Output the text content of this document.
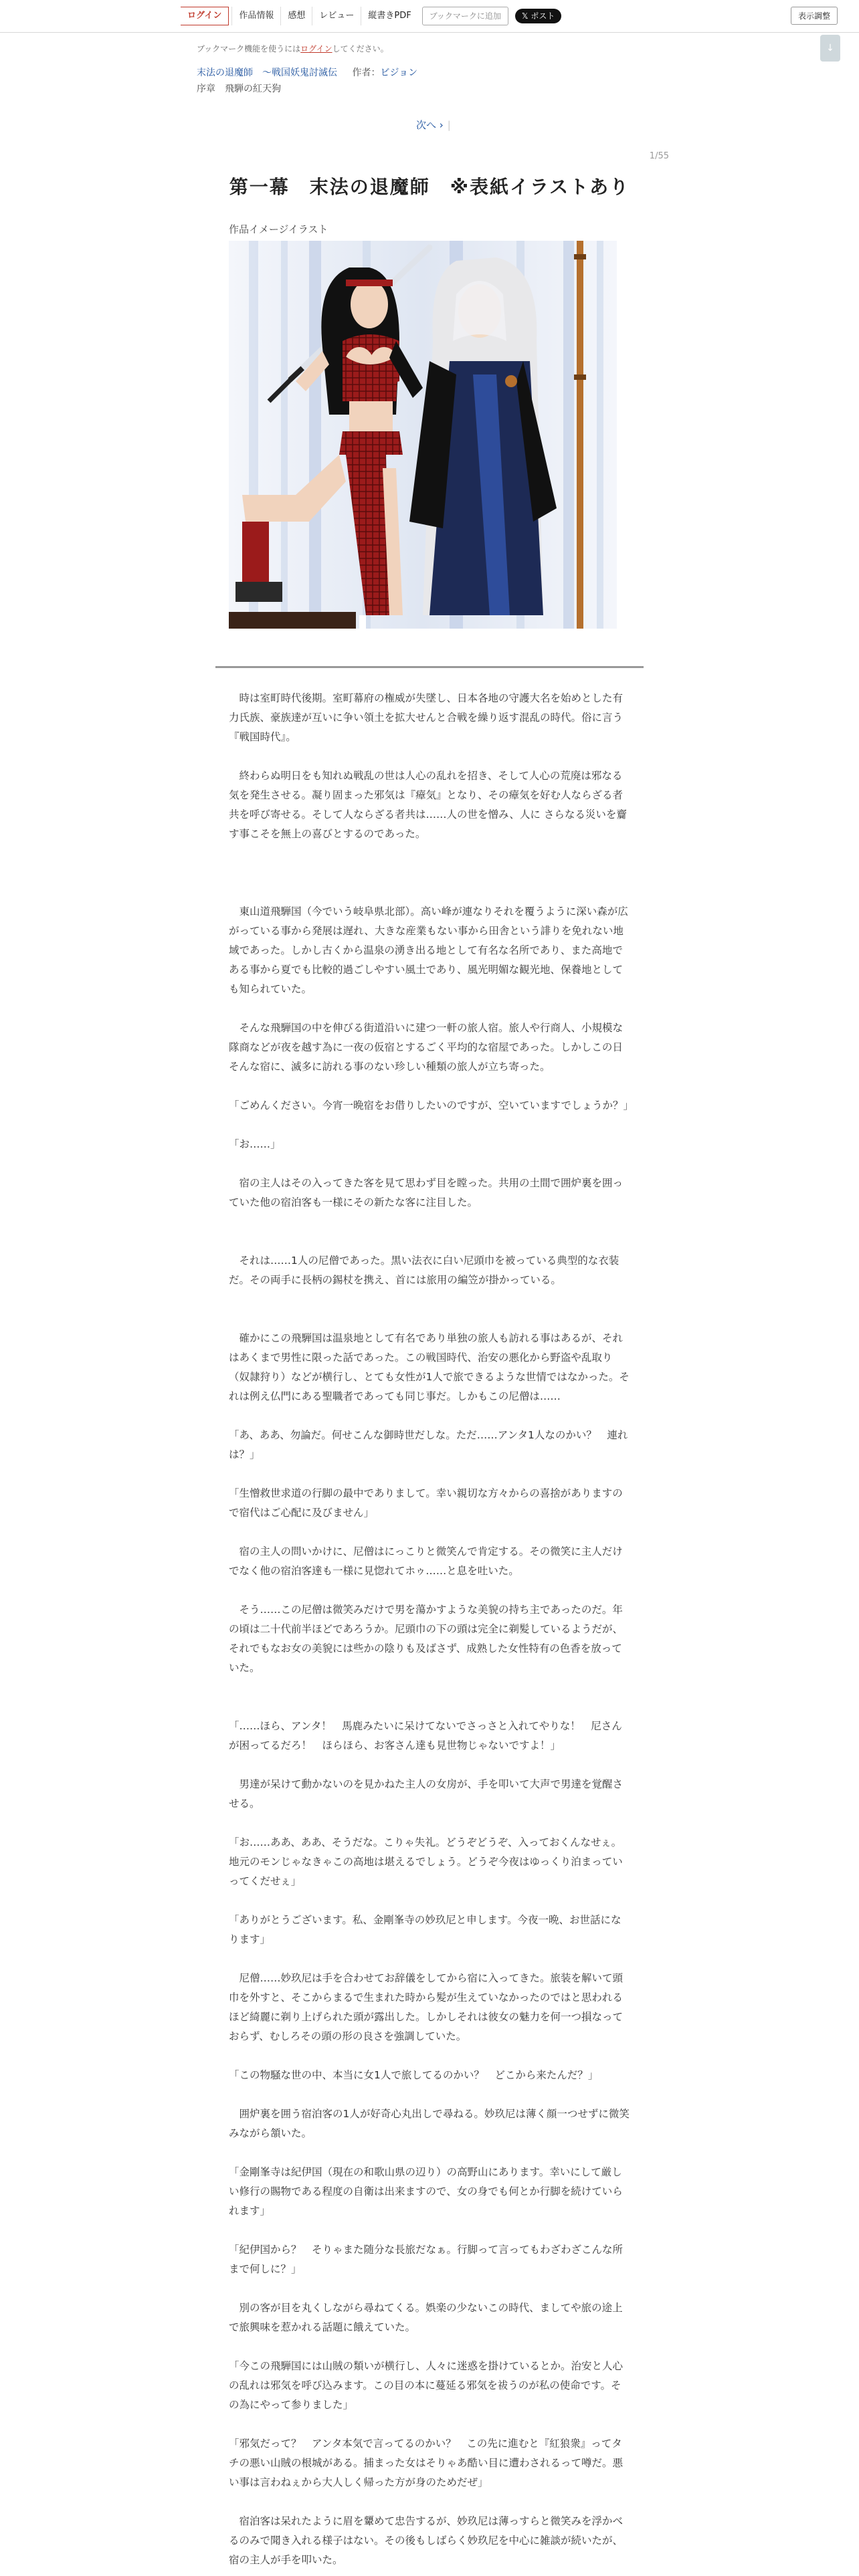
ログイン	作品情報	感想	レビュー	縦書きPDF	ブックマークに追加	𝕏 ポスト	表示調整
↓
ブックマーク機能を使うにはログインしてください。
末法の退魔師　〜戦国妖鬼討滅伝 作者：ビジョン
序章　飛騨の紅天狗
次へ › |
1/55
第一幕　末法の退魔師　※表紙イラストあり
作品イメージイラスト

　時は室町時代後期。室町幕府の権威が失墜し、日本各地の守護大名を始めとした有力氏族、豪族達が互いに争い領土を拡大せんと合戦を繰り返す混乱の時代。俗に言う『戦国時代』。

　終わらぬ明日をも知れぬ戦乱の世は人心の乱れを招き、そして人心の荒廃は邪なる気を発生させる。凝り固まった邪気は『瘴気』となり、その瘴気を好む人ならざる者共を呼び寄せる。そして人ならざる者共は……人の世を憎み、人に さらなる災いを齎す事こそを無上の喜びとするのであった。

　東山道飛騨国（今でいう岐阜県北部）。高い峰が連なりそれを覆うように深い森が広がっている事から発展は遅れ、大きな産業もない事から田舎という誹りを免れない地域であった。しかし古くから温泉の湧き出る地として有名な名所であり、また高地である事から夏でも比較的過ごしやすい風土であり、風光明媚な観光地、保養地としても知られていた。

　そんな飛騨国の中を伸びる街道沿いに建つ一軒の旅人宿。旅人や行商人、小規模な隊商などが夜を越す為に一夜の仮宿とするごく平均的な宿屋であった。しかしこの日そんな宿に、滅多に訪れる事のない珍しい種類の旅人が立ち寄った。

「ごめんください。今宵一晩宿をお借りしたいのですが、空いていますでしょうか？」

「お……」

　宿の主人はその入ってきた客を見て思わず目を瞠った。共用の土間で囲炉裏を囲っていた他の宿泊客も一様にその新たな客に注目した。

　それは……1人の尼僧であった。黒い法衣に白い尼頭巾を被っている典型的な衣装だ。その両手に長柄の錫杖を携え、首には旅用の編笠が掛かっている。

　確かにこの飛騨国は温泉地として有名であり単独の旅人も訪れる事はあるが、それはあくまで男性に限った話であった。この戦国時代、治安の悪化から野盗や乱取り（奴隷狩り）などが横行し、とても女性が1人で旅できるような世情ではなかった。それは例え仏門にある聖職者であっても同じ事だ。しかもこの尼僧は……

「あ、ああ、勿論だ。何せこんな御時世だしな。ただ……アンタ1人なのかい？　連れは？」

「生憎救世求道の行脚の最中でありまして。幸い親切な方々からの喜捨がありますので宿代はご心配に及びません」

　宿の主人の問いかけに、尼僧はにっこりと微笑んで肯定する。その微笑に主人だけでなく他の宿泊客達も一様に見惚れてホゥ……と息を吐いた。

　そう……この尼僧は微笑みだけで男を蕩かすような美貌の持ち主であったのだ。年の頃は二十代前半ほどであろうか。尼頭巾の下の頭は完全に剃髪しているようだが、それでもなお女の美貌には些かの陰りも及ばさず、成熟した女性特有の色香を放っていた。

「……ほら、アンタ！　馬鹿みたいに呆けてないでさっさと入れてやりな！　尼さんが困ってるだろ！　ほらほら、お客さん達も見世物じゃないですよ！」

　男達が呆けて動かないのを見かねた主人の女房が、手を叩いて大声で男達を覚醒させる。

「お……ああ、ああ、そうだな。こりゃ失礼。どうぞどうぞ、入っておくんなせぇ。地元のモンじゃなきゃこの高地は堪えるでしょう。どうぞ今夜はゆっくり泊まっていってくだせぇ」

「ありがとうございます。私、金剛峯寺の妙玖尼と申します。今夜一晩、お世話になります」

　尼僧……妙玖尼は手を合わせてお辞儀をしてから宿に入ってきた。旅装を解いて頭巾を外すと、そこからまるで生まれた時から髪が生えていなかったのではと思われるほど綺麗に剃り上げられた頭が露出した。しかしそれは彼女の魅力を何一つ損なっておらず、むしろその頭の形の良さを強調していた。

「この物騒な世の中、本当に女1人で旅してるのかい？　どこから来たんだ？」

　囲炉裏を囲う宿泊客の1人が好奇心丸出しで尋ねる。妙玖尼は薄く顔一つせずに微笑みながら頷いた。

「金剛峯寺は紀伊国（現在の和歌山県の辺り）の高野山にあります。幸いにして厳しい修行の賜物である程度の自衛は出来ますので、女の身でも何とか行脚を続けていられます」

「紀伊国から？　そりゃまた随分な長旅だなぁ。行脚って言ってもわざわざこんな所まで何しに？」

　別の客が目を丸くしながら尋ねてくる。娯楽の少ないこの時代、ましてや旅の途上で旅興味を惹かれる話題に餓えていた。

「今この飛騨国には山賊の類いが横行し、人々に迷惑を掛けているとか。治安と人心の乱れは邪気を呼び込みます。この目の本に蔓延る邪気を祓うのが私の使命です。その為にやって参りました」

「邪気だって？　アンタ本気で言ってるのかい？　この先に進むと『紅狼衆』ってタチの悪い山賊の根城がある。捕まった女はそりゃあ酷い目に遭わされるって噂だ。悪い事は言わねぇから大人しく帰った方が身のためだぜ」

　宿泊客は呆れたように眉を顰めて忠告するが、妙玖尼は薄っすらと微笑みを浮かべるのみで聞き入れる様子はない。その後もしばらく妙玖尼を中心に雑談が続いたが、宿の主人が手を叩いた。
